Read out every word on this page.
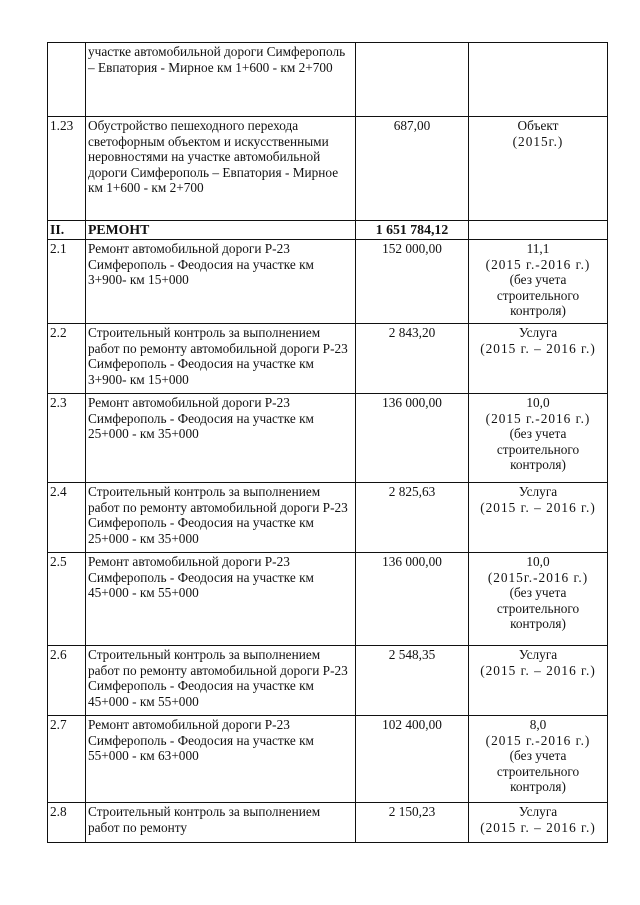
	участке автомобильной дороги Симферополь – Евпатория - Мирное км 1+600 - км 2+700		
1.23	Обустройство пешеходного перехода светофорным объектом и искусственными неровностями на участке автомобильной дороги Симферополь – Евпатория - Мирное км 1+600 - км 2+700	687,00	Объект
(2015г.)

II.	РЕМОНТ	1 651 784,12	
2.1	Ремонт автомобильной дороги Р-23 Симферополь - Феодосия на участке км 3+900- км 15+000	152 000,00	11,1
(2015 г.-2016 г.)
(без учета
строительного
контроля)

2.2	Строительный контроль за выполнением работ по ремонту автомобильной дороги Р-23 Симферополь - Феодосия на участке км 3+900- км 15+000	2 843,20	Услуга
(2015 г. – 2016 г.)

2.3	Ремонт автомобильной дороги Р-23 Симферополь - Феодосия на участке км 25+000 - км 35+000	136 000,00	10,0
(2015 г.-2016 г.)
(без учета
строительного
контроля)

2.4	Строительный контроль за выполнением работ по ремонту автомобильной дороги Р-23 Симферополь - Феодосия на участке км 25+000 - км 35+000	2 825,63	Услуга
(2015 г. – 2016 г.)

2.5	Ремонт автомобильной дороги Р-23 Симферополь - Феодосия на участке км 45+000 - км 55+000	136 000,00	10,0
(2015г.-2016 г.)
(без учета
строительного
контроля)

2.6	Строительный контроль за выполнением работ по ремонту автомобильной дороги Р-23 Симферополь - Феодосия на участке км 45+000 - км 55+000	2 548,35	Услуга
(2015 г. – 2016 г.)

2.7	Ремонт автомобильной дороги Р-23 Симферополь - Феодосия на участке км 55+000 - км 63+000	102 400,00	8,0
(2015 г.-2016 г.)
(без учета
строительного
контроля)

2.8	Строительный контроль за выполнением работ по ремонту	2 150,23	Услуга
(2015 г. – 2016 г.)
